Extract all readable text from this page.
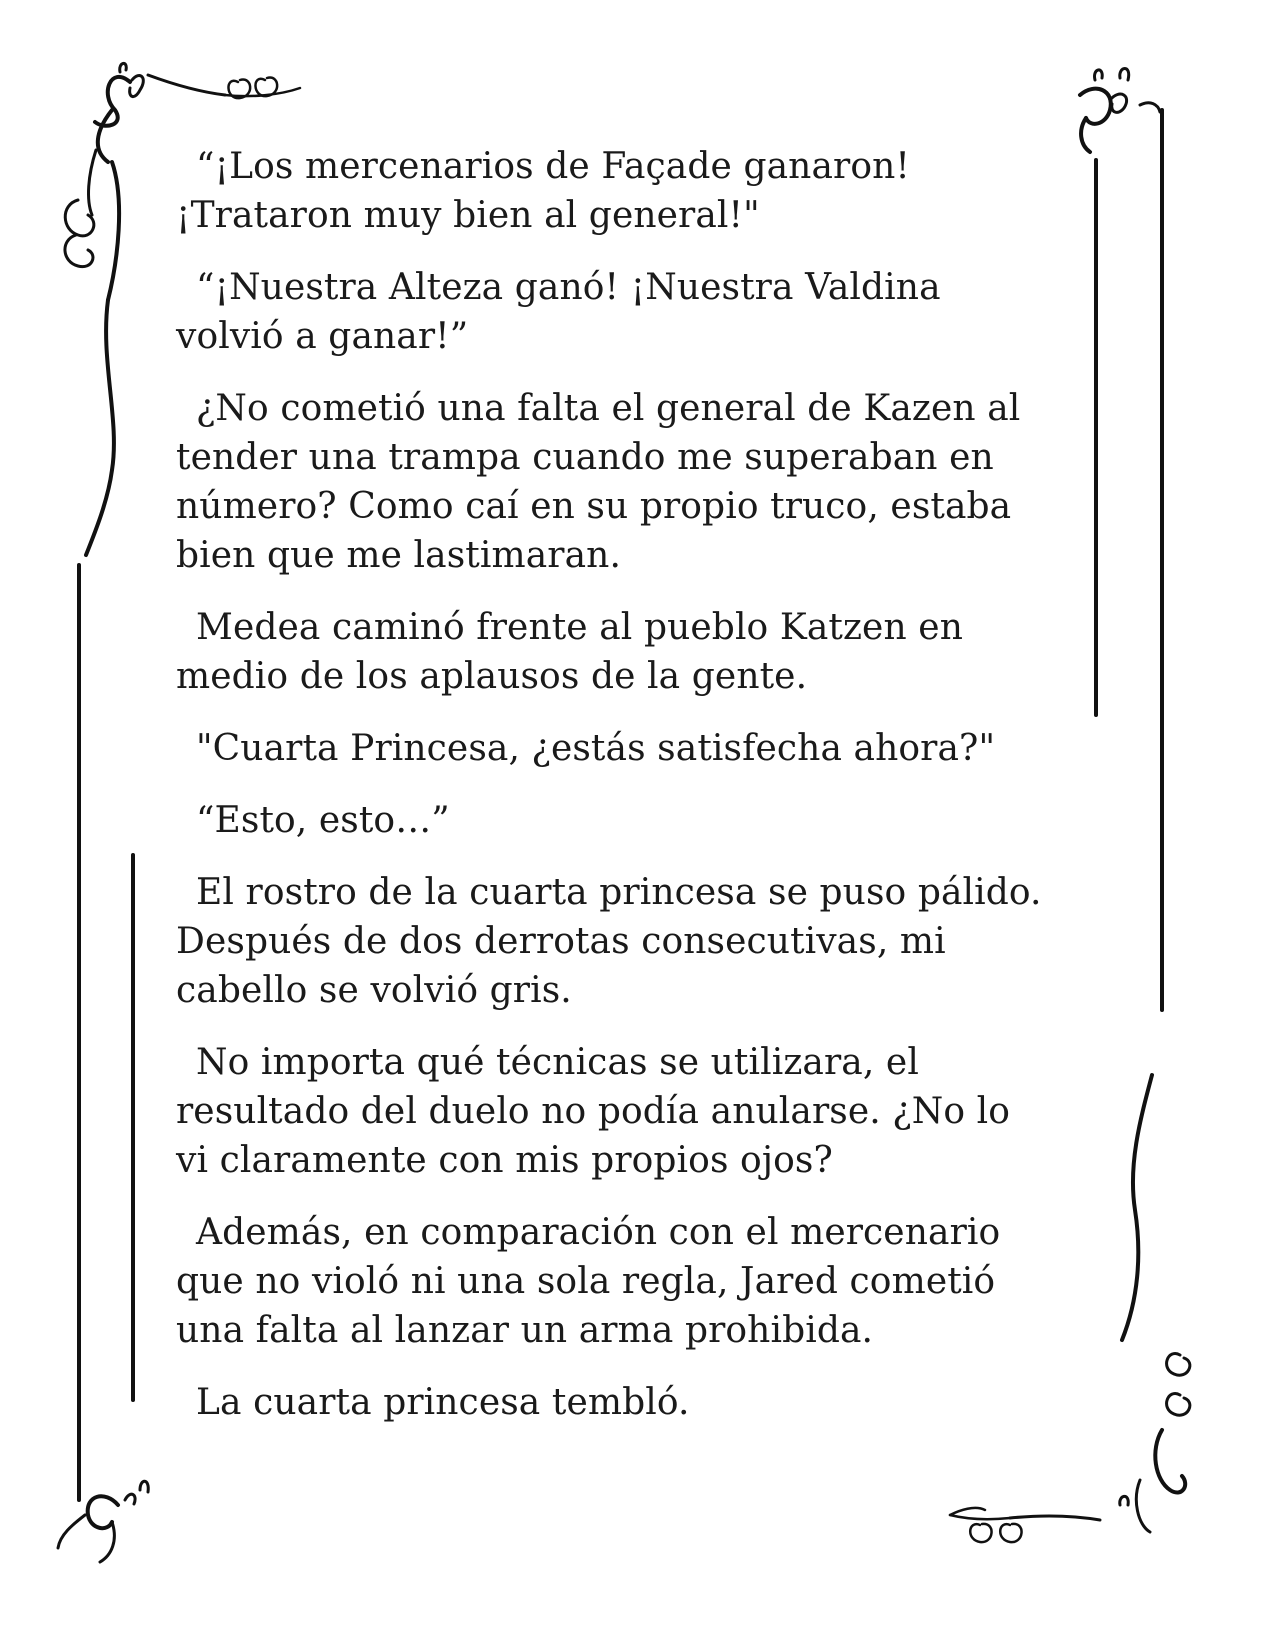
“¡Los mercenarios de Façade ganaron!
¡Trataron muy bien al general!"

“¡Nuestra Alteza ganó! ¡Nuestra Valdina
volvió a ganar!”

¿No cometió una falta el general de Kazen al
tender una trampa cuando me superaban en
número? Como caí en su propio truco, estaba
bien que me lastimaran.

Medea caminó frente al pueblo Katzen en
medio de los aplausos de la gente.

"Cuarta Princesa, ¿estás satisfecha ahora?"

“Esto, esto…”

El rostro de la cuarta princesa se puso pálido.
Después de dos derrotas consecutivas, mi
cabello se volvió gris.

No importa qué técnicas se utilizara, el
resultado del duelo no podía anularse. ¿No lo
vi claramente con mis propios ojos?

Además, en comparación con el mercenario
que no violó ni una sola regla, Jared cometió
una falta al lanzar un arma prohibida.

La cuarta princesa tembló.
